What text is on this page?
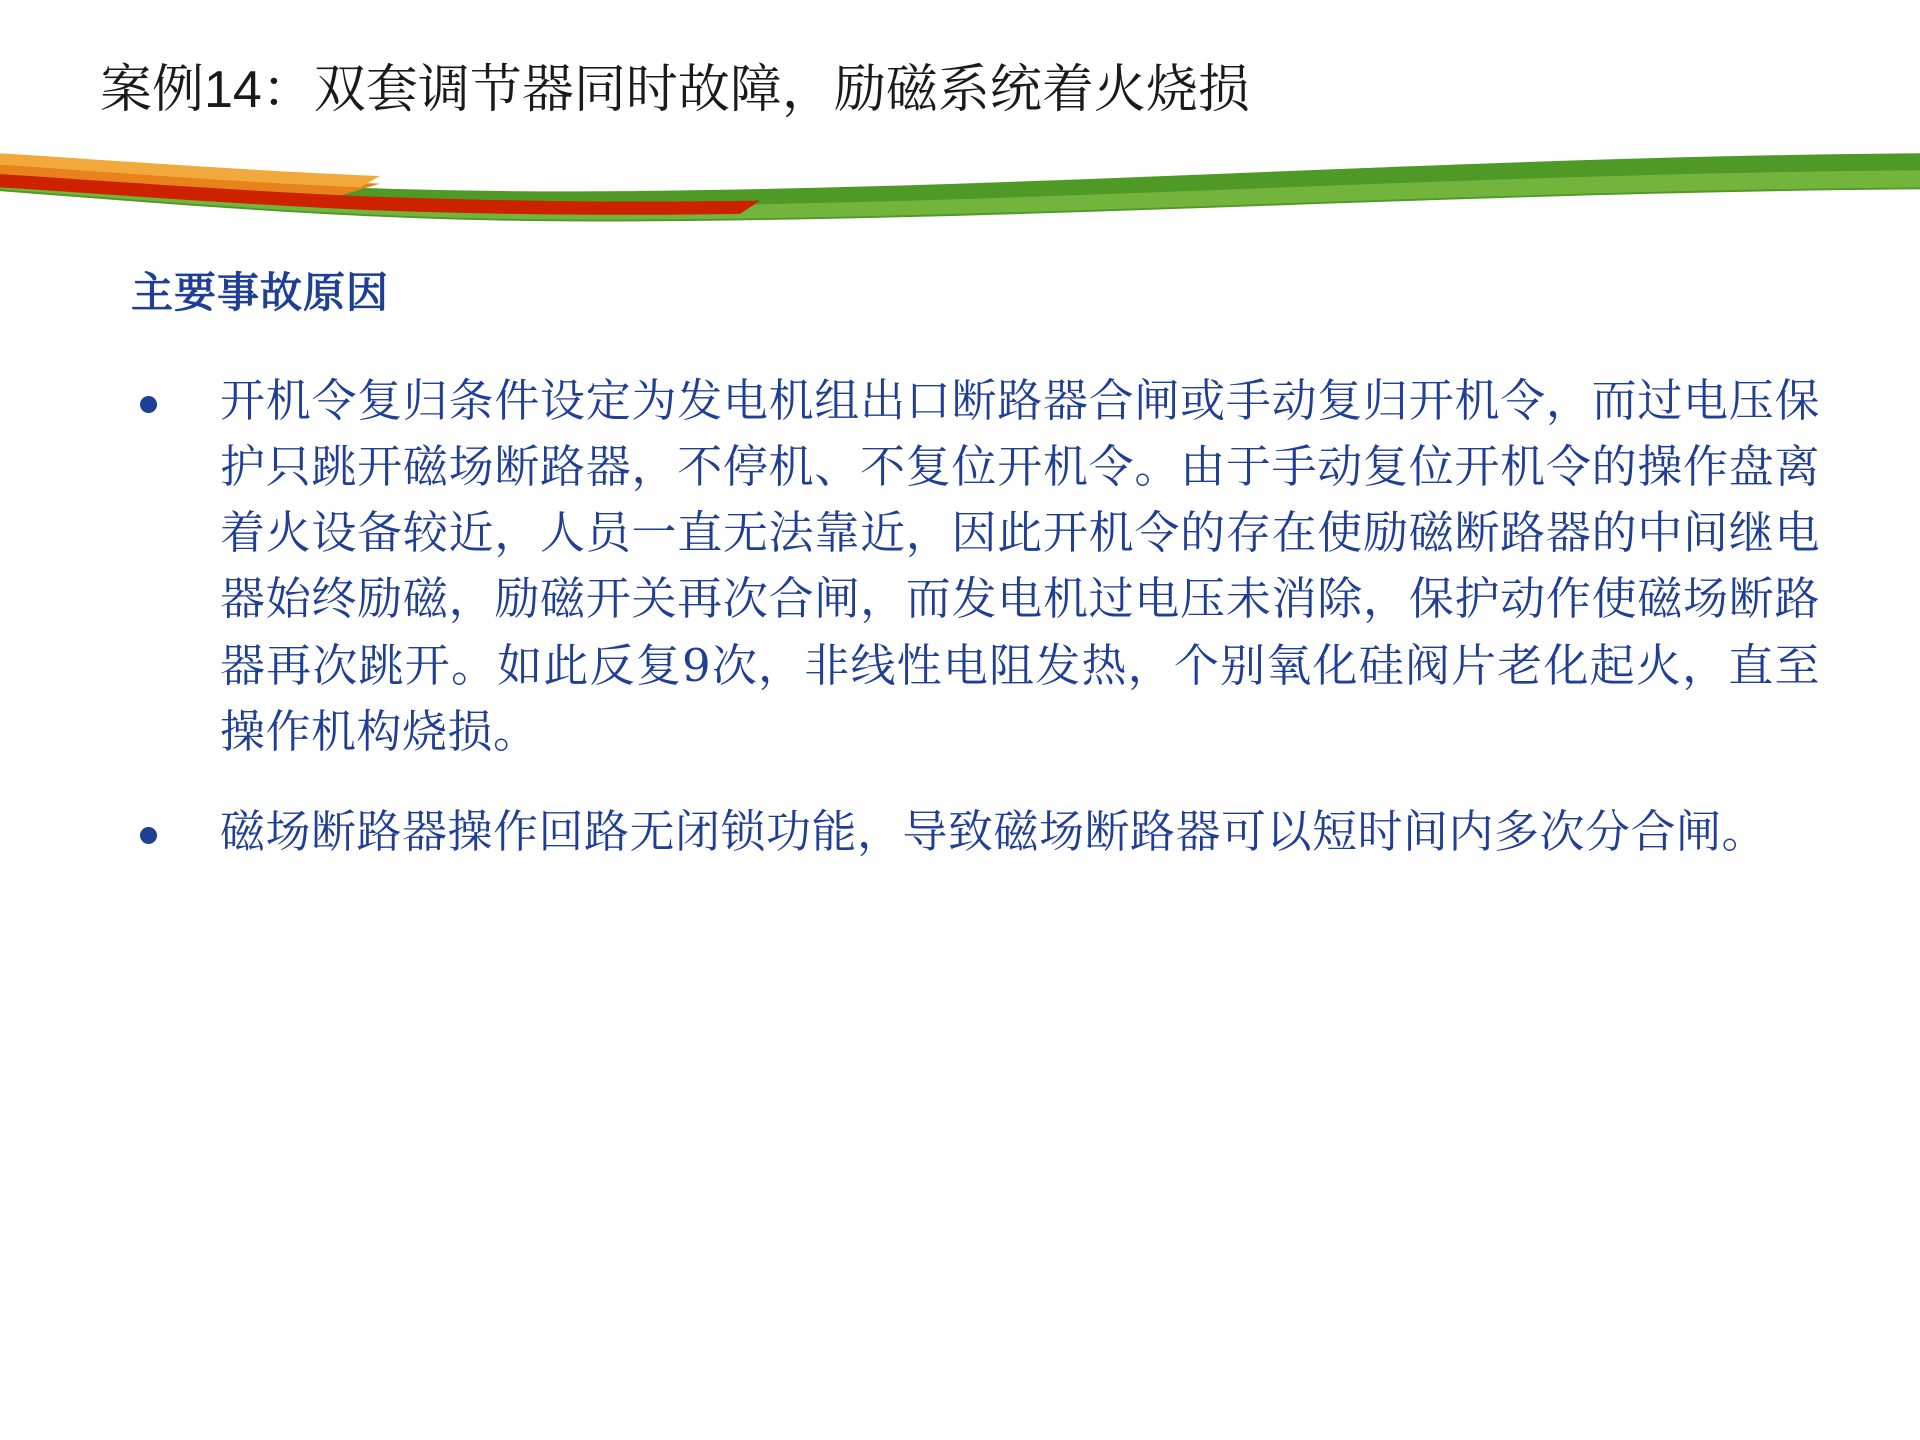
案例14：双套调节器同时故障，励磁系统着火烧损
主要事故原因
开机令复归条件设定为发电机组出口断路器合闸或手动复归开机令，而过电压保护只跳开磁场断路器，不停机、不复位开机令。由于手动复位开机令的操作盘离着火设备较近，人员一直无法靠近，因此开机令的存在使励磁断路器的中间继电器始终励磁，励磁开关再次合闸，而发电机过电压未消除，保护动作使磁场断路器再次跳开。如此反复9次，非线性电阻发热，个别氧化硅阀片老化起火，直至操作机构烧损。
磁场断路器操作回路无闭锁功能，导致磁场断路器可以短时间内多次分合闸。
